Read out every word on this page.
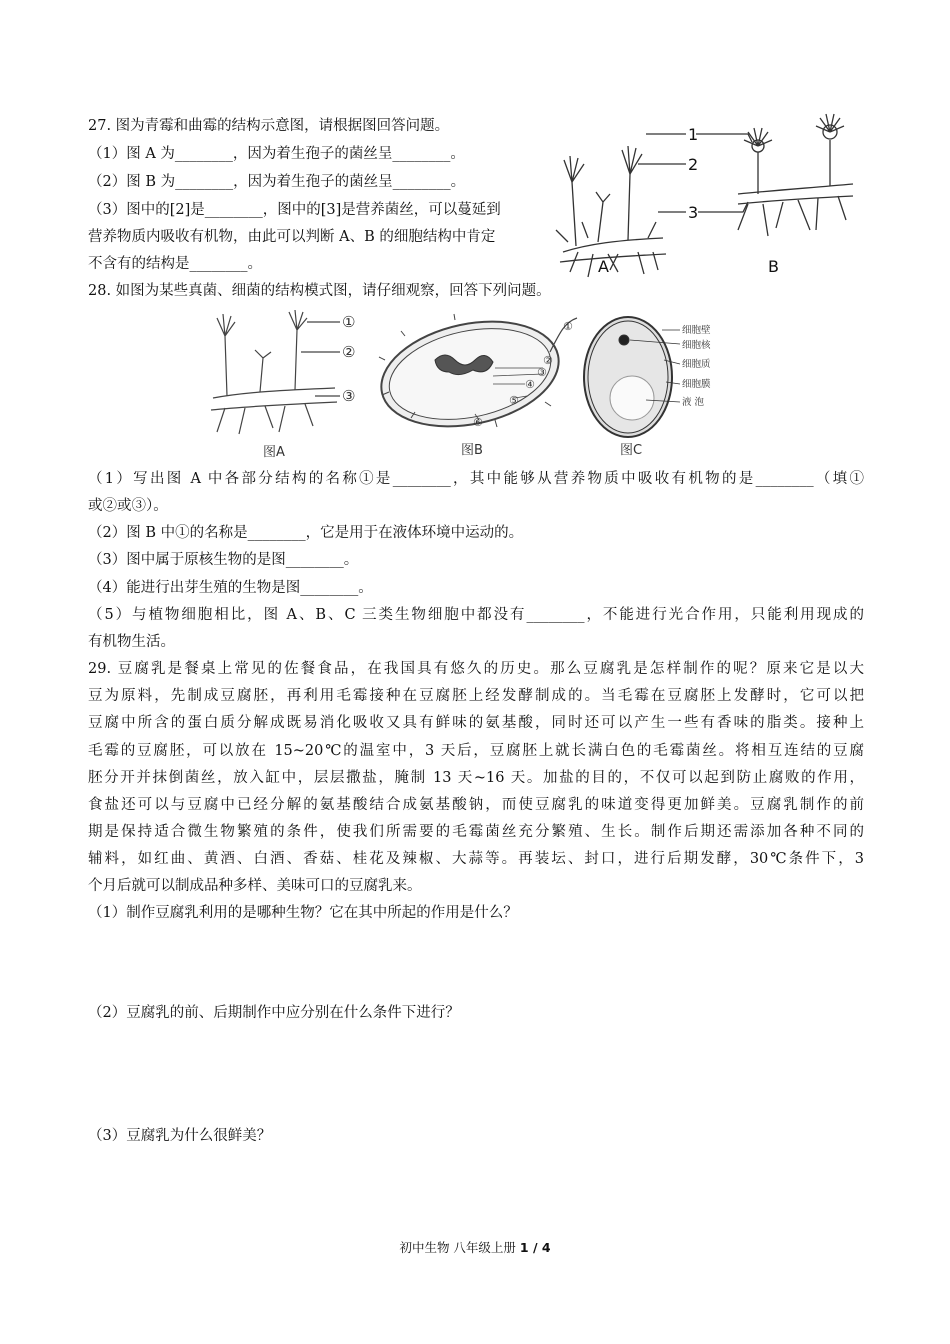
27. 图为青霉和曲霉的结构示意图，请根据图回答问题。
（1）图 A 为________，因为着生孢子的菌丝呈________。
（2）图 B 为________，因为着生孢子的菌丝呈________。
（3）图中的[2]是________，图中的[3]是营养菌丝，可以蔓延到
营养物质内吸收有机物，由此可以判断 A、B 的细胞结构中肯定
不含有的结构是________。
1
2
3
A	B
28. 如图为某些真菌、细菌的结构模式图，请仔细观察，回答下列问题。
①
②
③
图A
①
②
③
④
⑤
⑥
图B
细胞壁
细胞核
细胞质
细胞膜
液 泡
图C
（1）写出图 A 中各部分结构的名称①是________，其中能够从营养物质中吸收有机物的是________（填①
或②或③）。
（2）图 B 中①的名称是________，它是用于在液体环境中运动的。
（3）图中属于原核生物的是图________。
（4）能进行出芽生殖的生物是图________。
（5）与植物细胞相比，图 A、B、C 三类生物细胞中都没有________，不能进行光合作用，只能利用现成的
有机物生活。
29. 豆腐乳是餐桌上常见的佐餐食品，在我国具有悠久的历史。那么豆腐乳是怎样制作的呢？原来它是以大
豆为原料，先制成豆腐胚，再利用毛霉接种在豆腐胚上经发酵制成的。当毛霉在豆腐胚上发酵时，它可以把
豆腐中所含的蛋白质分解成既易消化吸收又具有鲜味的氨基酸，同时还可以产生一些有香味的脂类。接种上
毛霉的豆腐胚，可以放在 15~20℃的温室中，3 天后，豆腐胚上就长满白色的毛霉菌丝。将相互连结的豆腐
胚分开并抹倒菌丝，放入缸中，层层撒盐，腌制 13 天~16 天。加盐的目的，不仅可以起到防止腐败的作用，
食盐还可以与豆腐中已经分解的氨基酸结合成氨基酸钠，而使豆腐乳的味道变得更加鲜美。豆腐乳制作的前
期是保持适合微生物繁殖的条件，使我们所需要的毛霉菌丝充分繁殖、生长。制作后期还需添加各种不同的
辅料，如红曲、黄酒、白酒、香菇、桂花及辣椒、大蒜等。再装坛、封口，进行后期发酵，30℃条件下，3
个月后就可以制成品种多样、美味可口的豆腐乳来。
（1）制作豆腐乳利用的是哪种生物？它在其中所起的作用是什么？
（2）豆腐乳的前、后期制作中应分别在什么条件下进行？
（3）豆腐乳为什么很鲜美？
初中生物 八年级上册 1 / 4
